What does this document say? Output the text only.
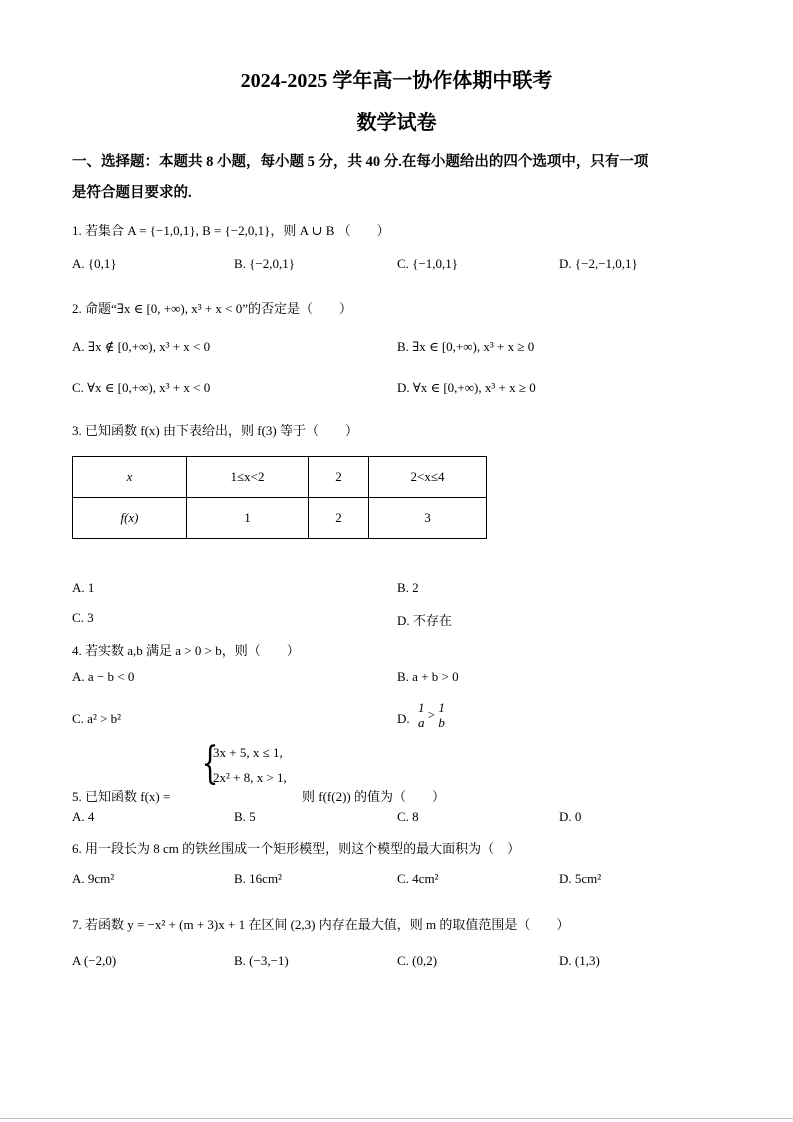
2024-2025 学年高一协作体期中联考
数学试卷
一、选择题：本题共 8 小题，每小题 5 分，共 40 分.在每小题给出的四个选项中，只有一项
是符合题目要求的.
1. 若集合 A = {−1,0,1}, B = {−2,0,1}，则 A ∪ B （　　）
A. {0,1}	B. {−2,0,1}	C. {−1,0,1}	D. {−2,−1,0,1}
2. 命题“∃x ∈ [0, +∞), x³ + x < 0”的否定是（　　）
A. ∃x ∉ [0,+∞), x³ + x < 0	B. ∃x ∈ [0,+∞), x³ + x ≥ 0
C. ∀x ∈ [0,+∞), x³ + x < 0	D. ∀x ∈ [0,+∞), x³ + x ≥ 0
3. 已知函数 f(x) 由下表给出，则 f(3) 等于（　　）
x	1≤x<2	2	2<x≤4
f(x)	1	2	3
A. 1	B. 2
C. 3	D. 不存在
4. 若实数 a,b 满足 a > 0 > b，则（　　）
A. a − b < 0	B. a + b > 0
C. a² > b²	D.
1
a
> 1
b
5. 已知函数 f(x) =
{
3x + 5, x ≤ 1,
2x² + 8, x > 1,
则 f(f(2)) 的值为（　　）
A. 4	B. 5	C. 8	D. 0
6. 用一段长为 8 cm 的铁丝围成一个矩形模型，则这个模型的最大面积为（　）
A. 9cm²	B. 16cm²	C. 4cm²	D. 5cm²
7. 若函数 y = −x² + (m + 3)x + 1 在区间 (2,3) 内存在最大值，则 m 的取值范围是（　　）
A (−2,0)	B. (−3,−1)	C. (0,2)	D. (1,3)
